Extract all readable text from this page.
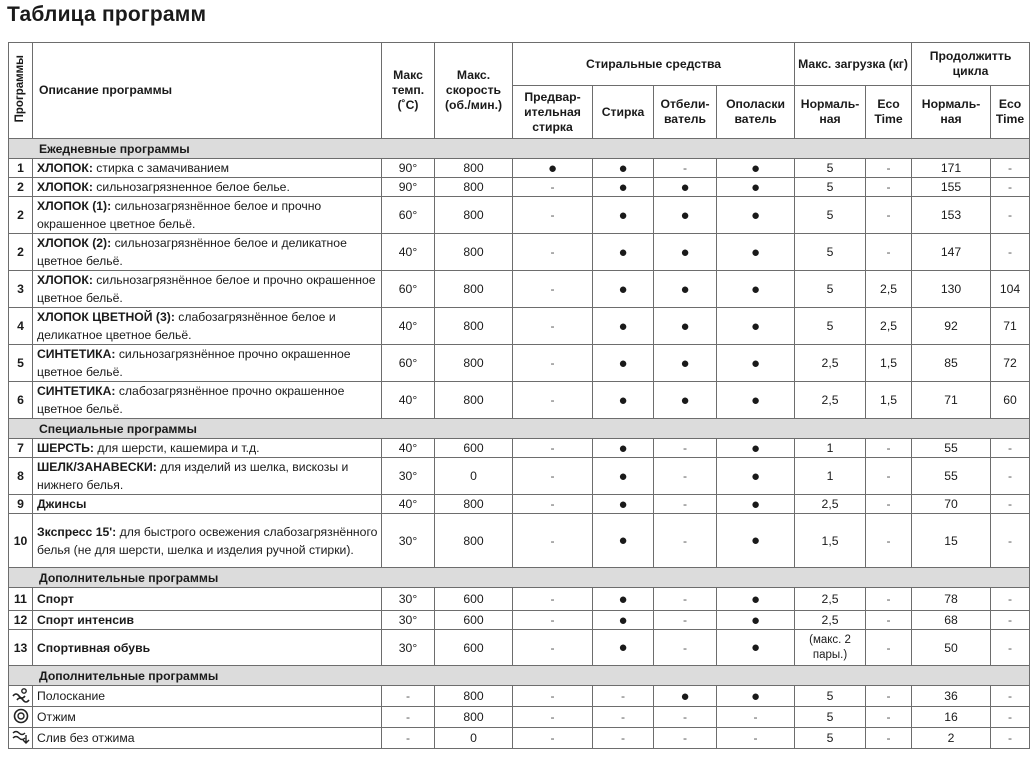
Таблица программ
Программы	Описание программы	Макс темп. (˚C)	Макс. скорость (об./мин.)	Стиральные средства				Макс. загрузка (кг)		Продолжитть цикла	
				Предвар- ительная стирка	Стирка	Отбели- ватель	Ополаски ватель	Нормаль- ная	Eco Time	Нормаль- ная	Eco Time
Ежедневные программы											
1	ХЛОПОК: стирка с замачиванием	90°	800	●	●	-	●	5	-	171	-
2	ХЛОПОК: сильнозагрязненное белое белье.	90°	800	-	●	●	●	5	-	155	-
2	ХЛОПОК (1): сильнозагрязнённое белое и прочно окрашенное цветное бельё.	60°	800	-	●	●	●	5	-	153	-
2	ХЛОПОК (2): сильнозагрязнённое белое и деликатное цветное бельё.	40°	800	-	●	●	●	5	-	147	-
3	ХЛОПОК: сильнозагрязнённое белое и прочно окрашенное цветное бельё.	60°	800	-	●	●	●	5	2,5	130	104
4	ХЛОПОК ЦВЕТНОЙ (3): слабозагрязнённое белое и деликатное цветное бельё.	40°	800	-	●	●	●	5	2,5	92	71
5	СИНТЕТИКА: сильнозагрязнённое прочно окрашенное цветное бельё.	60°	800	-	●	●	●	2,5	1,5	85	72
6	СИНТЕТИКА: слабозагрязнённое прочно окрашенное цветное бельё.	40°	800	-	●	●	●	2,5	1,5	71	60
Специальные программы											
7	ШЕРСТЬ: для шерсти, кашемира и т.д.	40°	600	-	●	-	●	1	-	55	-
8	ШЕЛК/ЗАНАВЕСКИ: для изделий из шелка, вискозы и нижнего белья.	30°	0	-	●	-	●	1	-	55	-
9	Джинсы	40°	800	-	●	-	●	2,5	-	70	-
10	Зкспресс 15': для быстрого освежения слабозагрязнённого белья (не для шерсти, шелка и изделия ручной стирки).	30°	800	-	●	-	●	1,5	-	15	-
Дополнительные программы											
11	Спорт	30°	600	-	●	-	●	2,5	-	78	-
12	Спорт интенсив	30°	600	-	●	-	●	2,5	-	68	-
13	Спортивная обувь	30°	600	-	●	-	●	(макс. 2 пары.)	-	50	-
Дополнительные программы											
	Полоскание	-	800	-	-	●	●	5	-	36	-
	Отжим	-	800	-	-	-	-	5	-	16	-
	Слив без отжима	-	0	-	-	-	-	5	-	2	-
